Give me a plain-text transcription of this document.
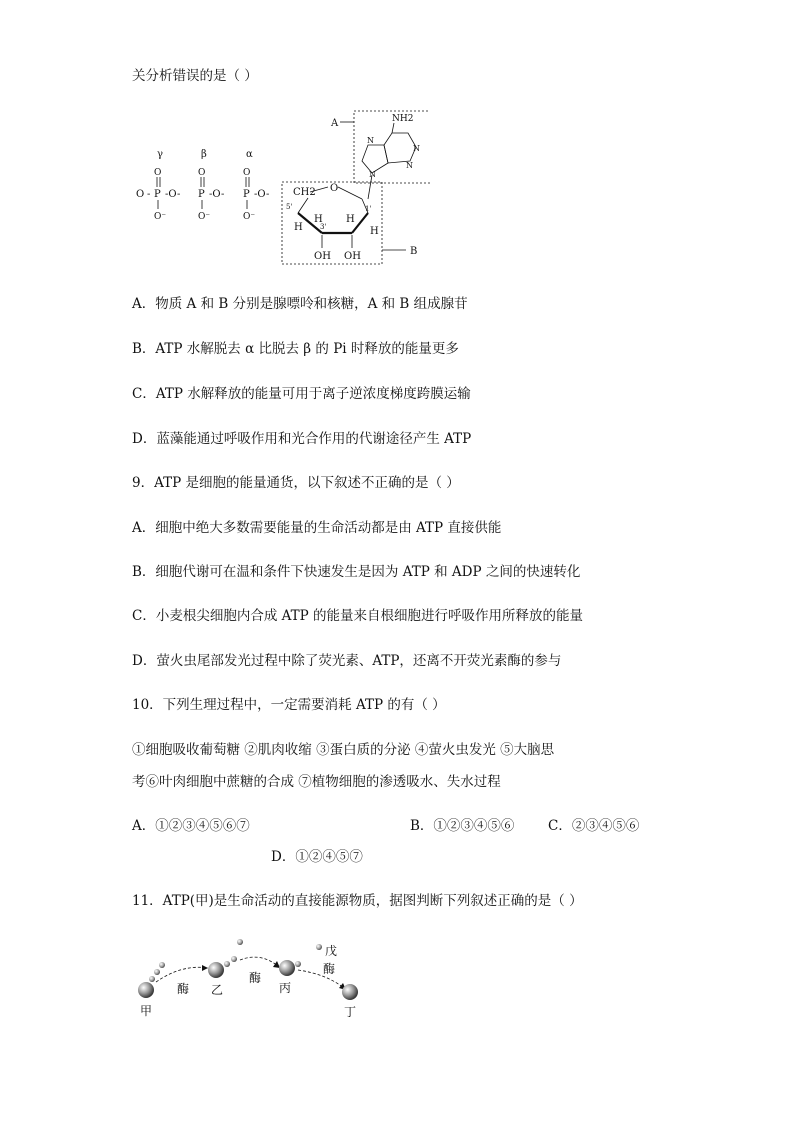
关分析错误的是（ ）
γ	β	α
O - P -O- P -O- P -O-
O	O	O
O⁻	O⁻	O⁻
A
B
CH2
5'
O
H
H
3'
H
H
1'
OH OH
N
N
N
N
NH2
A．物质 A 和 B 分别是腺嘌呤和核糖，A 和 B 组成腺苷
B．ATP 水解脱去 α 比脱去 β 的 Pi 时释放的能量更多
C．ATP 水解释放的能量可用于离子逆浓度梯度跨膜运输
D．蓝藻能通过呼吸作用和光合作用的代谢途径产生 ATP
9．ATP 是细胞的能量通货，以下叙述不正确的是（ ）
A．细胞中绝大多数需要能量的生命活动都是由 ATP 直接供能
B．细胞代谢可在温和条件下快速发生是因为 ATP 和 ADP 之间的快速转化
C．小麦根尖细胞内合成 ATP 的能量来自根细胞进行呼吸作用所释放的能量
D．萤火虫尾部发光过程中除了荧光素、ATP，还离不开荧光素酶的参与
10．下列生理过程中，一定需要消耗 ATP 的有（ ）
①细胞吸收葡萄糖 ②肌肉收缩 ③蛋白质的分泌 ④萤火虫发光 ⑤大脑思
考⑥叶肉细胞中蔗糖的合成 ⑦植物细胞的渗透吸水、失水过程
A．①②③④⑤⑥⑦	B．①②③④⑤⑥ C．②③④⑤⑥
D．①②④⑤⑦
11．ATP(甲)是生命活动的直接能源物质，据图判断下列叙述正确的是（ ）
甲
酶 乙
酶
丙
戊
酶
丁
